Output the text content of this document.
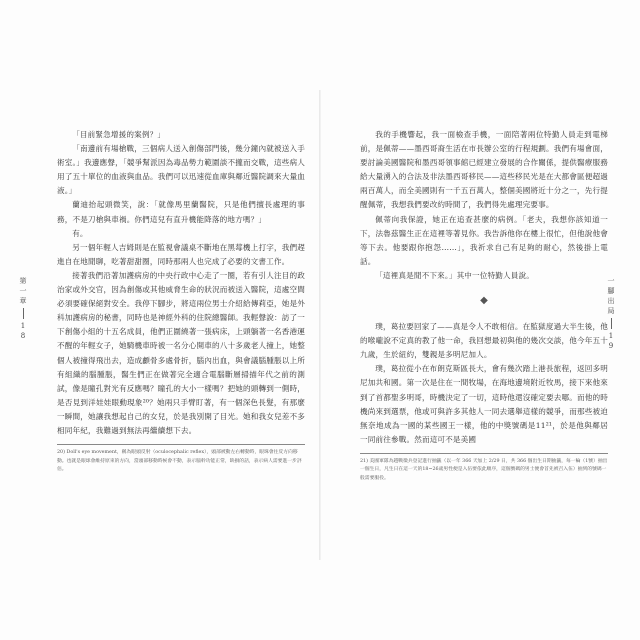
第
一
章
1
8
一
腳
出
局
1
9

「目前緊急增援的案例？」

「南邊前有場槍戰，三個病人送入創傷部門後，幾分鐘內就被送入手術室。」我邊應聲，「競爭幫派因為毒品勢力範圍談不攏而交戰，這些病人用了五十單位的血液與血品。我們可以迅速從血庫與鄰近醫院調來大量血液。」

蘭迪抬起頭微笑，說：「就像馬里蘭醫院，只是他們擅長處理的事務，不是刀槍與車禍。你們這兒有直升機能降落的地方嗎？」

有。

另一個年輕人吉姆則是在監視會議桌不斷地在黑莓機上打字，我們趕進自在地閒聊，吃著甜甜圈，同時那兩人也完成了必要的文書工作。

接著我們沿著加護病房的中央行政中心走了一圈，若有引人注目的政治家或外交官，因為創傷或其他威脅生命的狀況而被送入醫院，這處空間必須要確保絕對安全。我停下腳步，將這兩位男士介紹給傳莉亞，她是外科加護病房的秘書，同時也是神經外科的住院總醫師。我輕聲說：訪了一下創傷小組的十五名成員，他們正圍繞著一張病床，上頭躺著一名香港運不醒的年輕女子，她騎機車時被一名分心開車的八十多歲老人撞上，她整個人被撞得飛出去，造成顱骨多處骨折，腦內出血，與會議腦腫脹以上所有組織的腦腫脹，醫生們正在做著完全適合電腦斷層掃描年代之前的測試，像是瞳孔對光有反應嗎？瞳孔的大小一樣嗎？把她的頭轉到一側時，是否見到洋娃娃眼動現象²⁰？她兩只手臂盯著，有一個深色長髮，有那麼一瞬間，她讓我想起自己的女兒，於是我別開了目光。她和我女兒差不多相同年紀，我難過到無法再繼續想下去。

20) Doll's eye movement，稱為眼頭反射（oculocephalic reflex），頭部被動左右轉動時，眼珠會往反方向移動。也就是眼球會維持原來的方向，當頭部移動時候會不動，表示腦幹功能正常，缺損的話，表示病人需要進一步評估。

我的手機響起，我一面檢查手機，一面陪著兩位特勤人員走到電梯前，是佩蒂——墨西哥裔生活在市長辦公室的行程規劃。我們有場會面，要討論美國醫院和墨西哥領事館已經建立發展的合作關係，提供醫療服務給大量湧入的合法及非法墨西哥移民——這些移民光是在大都會區便超過兩百萬人，而全美國則有一千五百萬人，整個美國將近十分之一，先行提醒佩蒂，我想我們要改約時間了，我們得先處理完要事。

佩蒂向我保證，她正在追查甚麼的病例。「老夫，我想你該知道一下，法魯茲醫生正在這裡等著見你。我告訴他你在樓上很忙，但他說他會等下去。他要跟你抱怨……」，我祈求自己有足夠的耐心，然後掛上電話。

「這裡真是閒不下來。」其中一位特勤人員說。

◆

璞，葛拉要回家了——真是令人不敢相信。在監獄度過大半生後，他的喉嚨說不定真的教了他一命，我回想最初與他的幾次交談，他今年五十九歲，生於紐約，雙親是多明尼加人。

璞，葛拉從小在布朗克斯區長大，會有幾次踏上港長旅程，返回多明尼加共和國。第一次是住在一間牧場，在海地邊境附近牧馬，接下來他來到了首都聖多明哥，時機決定了一切，這時他還沒確定要去哪。而他的時機尚來到選票，他或可與許多其他人一同去選舉這樣的競爭，而那些被迫無奈地成為一國的某些國王一樣，他的中獎號碼是11²¹，於是他與鄰居一同前往參戰。然而這可不是美國

21) 美國軍隊為越戰徵兵登記進行抽籤（以一年 366 天加上 2/29 日，共 366 個出生日期抽籤，每一輪（1號）抽出一個生日，凡生日在這一天的18~26歲男性便是入伍要依此順序，這個號碼的男士便會首先被召入伍）抽到的號碼一般需要服役。
